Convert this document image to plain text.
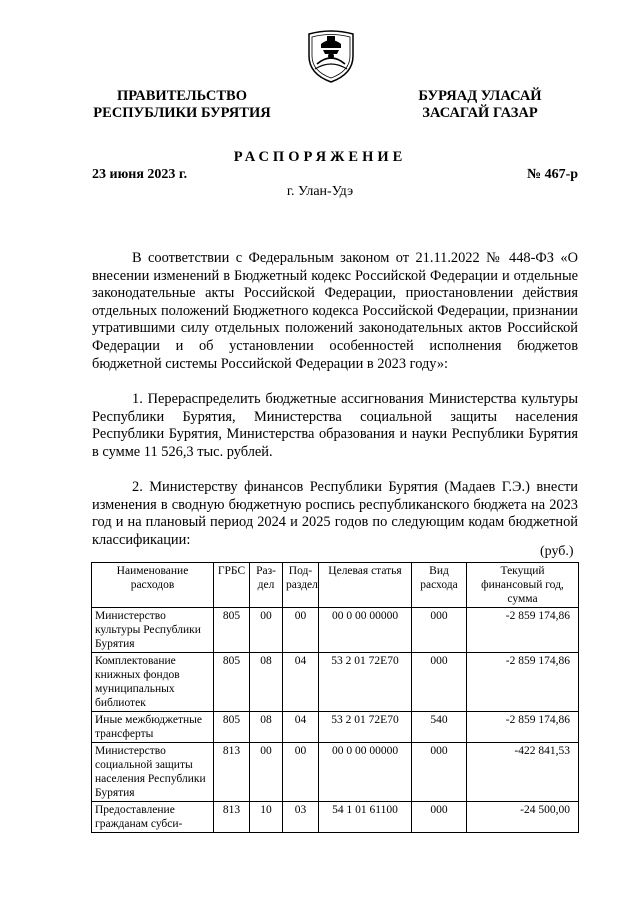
ПРАВИТЕЛЬСТВО
РЕСПУБЛИКИ БУРЯТИЯ
БУРЯАД УЛАСАЙ
ЗАСАГАЙ ГАЗАР
РАСПОРЯЖЕНИЕ
23 июня 2023 г.	№ 467-р
г. Улан-Удэ

В соответствии с Федеральным законом от 21.11.2022 № 448-ФЗ «О внесении изменений в Бюджетный кодекс Российской Федерации и отдельные законодательные акты Российской Федерации, приостановлении действия отдельных положений Бюджетного кодекса Российской Федерации, признании утратившими силу отдельных положений законодательных актов Российской Федерации и об установлении особенностей исполнения бюджетов бюджетной системы Российской Федерации в 2023 году»:

1. Перераспределить бюджетные ассигнования Министерства культуры Республики Бурятия, Министерства социальной защиты населения Республики Бурятия, Министерства образования и науки Республики Бурятия в сумме 11 526,3 тыс. рублей.

2. Министерству финансов Республики Бурятия (Мадаев Г.Э.) внести изменения в сводную бюджетную роспись республиканского бюджета на 2023 год и на плановый период 2024 и 2025 годов по следующим кодам бюджетной классификации:

(руб.)
Наименование расходов	ГРБС	Раз-дел	Под-раздел	Целевая статья	Вид расхода	Текущий финансовый год, сумма
Министерство культуры Республики Бурятия	805	00	00	00 0 00 00000	000	-2 859 174,86
Комплектование книжных фондов муниципальных библиотек	805	08	04	53 2 01 72Е70	000	-2 859 174,86
Иные межбюджетные трансферты	805	08	04	53 2 01 72Е70	540	-2 859 174,86
Министерство социальной защиты населения Республики Бурятия	813	00	00	00 0 00 00000	000	-422 841,53
Предоставление гражданам субси-	813	10	03	54 1 01 61100	000	-24 500,00
